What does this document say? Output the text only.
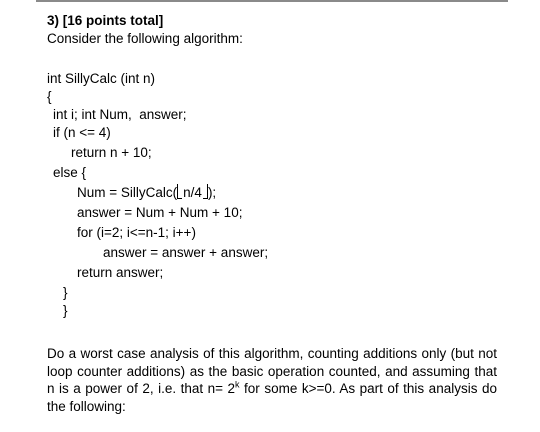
3) [16 points total]
Consider the following algorithm:
int SillyCalc (int n)
{
int i; int Num,  answer;
if (n <= 4)
return n + 10;
else {
Num = SillyCalc( n/4 );
answer = Num + Num + 10;
for (i=2; i<=n-1; i++)
answer = answer + answer;
return answer;
}
}
Do a worst case analysis of this algorithm, counting additions only (but not loop counter additions) as the basic operation counted, and assuming that n is a power of 2, i.e. that $n= 2^k$ for some k>=0. As part of this analysis do the following:
